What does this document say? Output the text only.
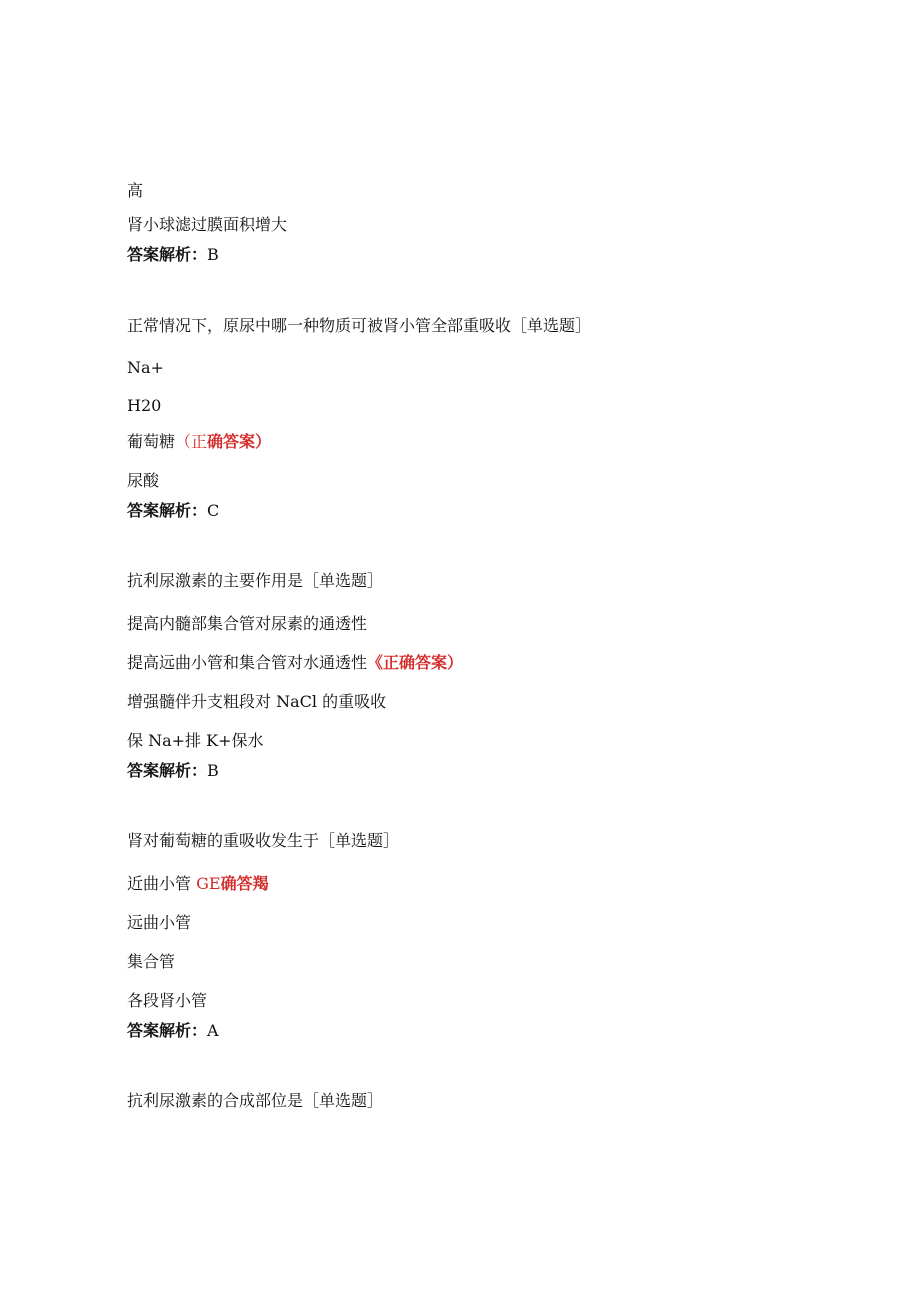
高
肾小球滤过膜面积增大
答案解析：B
正常情况下，原尿中哪一种物质可被肾小管全部重吸收［单选题］
Na+
H20
葡萄糖（正确答案）
尿酸
答案解析：C
抗利尿激素的主要作用是［单选题］
提高内髓部集合管对尿素的通透性
提高远曲小管和集合管对水通透性《正确答案）
增强髓伴升支粗段对 NaCl 的重吸收
保 Na+排 K+保水
答案解析：B
肾对葡萄糖的重吸收发生于［单选题］
近曲小管 GE确答羯
远曲小管
集合管
各段肾小管
答案解析：A
抗利尿激素的合成部位是［单选题］
